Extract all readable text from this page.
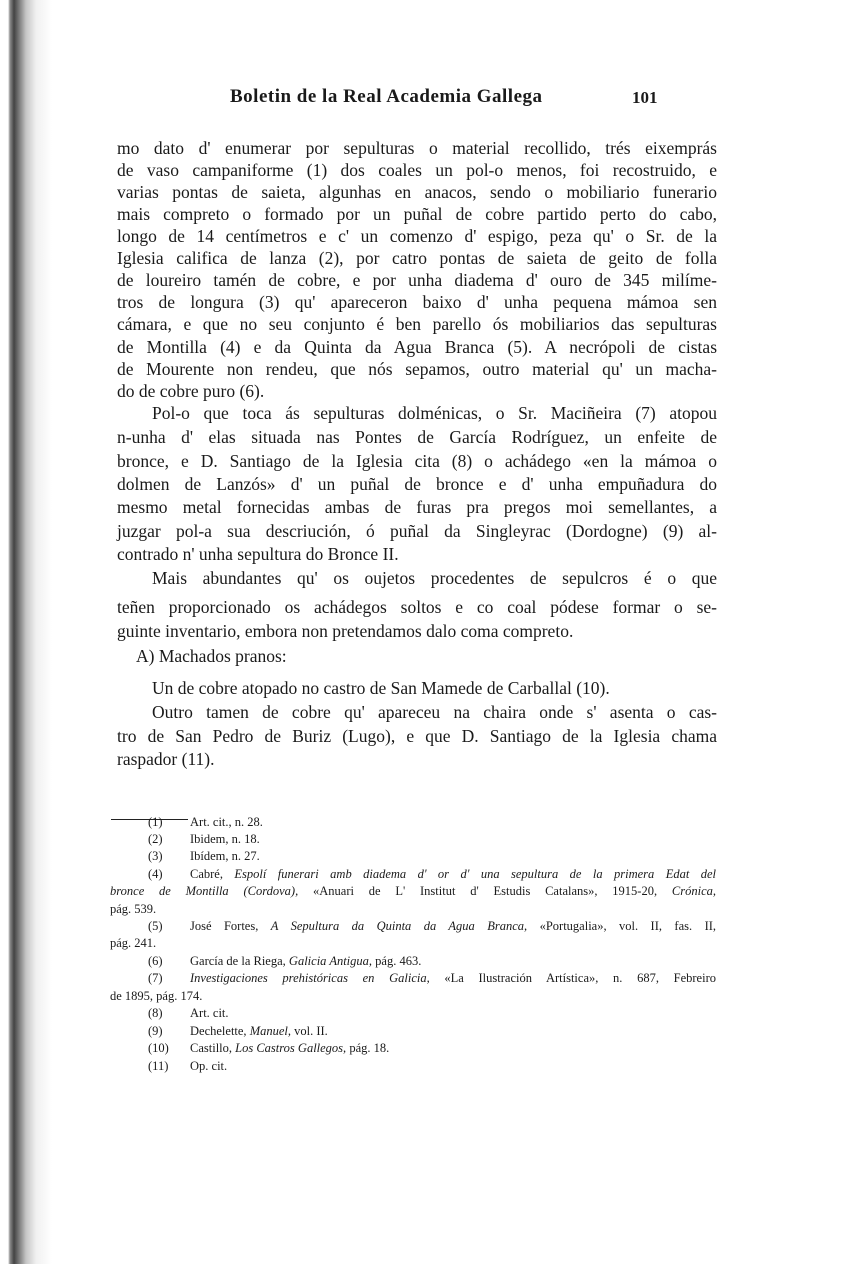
Boletin de la Real Academia Gallega	101
mo dato d' enumerar por sepulturas o material recollido, trés eixemprás
de vaso campaniforme (1) dos coales un pol-o menos, foi recostruido, e
varias pontas de saieta, algunhas en anacos, sendo o mobiliario funerario
mais compreto o formado por un puñal de cobre partido perto do cabo,
longo de 14 centímetros e c' un comenzo d' espigo, peza qu' o Sr. de la
Iglesia califica de lanza (2), por catro pontas de saieta de geito de folla
de loureiro tamén de cobre, e por unha diadema d' ouro de 345 milíme-
tros de longura (3) qu' apareceron baixo d' unha pequena mámoa sen
cámara, e que no seu conjunto é ben parello ós mobiliarios das sepulturas
de Montilla (4) e da Quinta da Agua Branca (5). A necrópoli de cistas
de Mourente non rendeu, que nós sepamos, outro material qu' un macha-
do de cobre puro (6).
Pol-o que toca ás sepulturas dolménicas, o Sr. Maciñeira (7) atopou
n-unha d' elas situada nas Pontes de García Rodríguez, un enfeite de
bronce, e D. Santiago de la Iglesia cita (8) o achádego «en la mámoa o
dolmen de Lanzós» d' un puñal de bronce e d' unha empuñadura do
mesmo metal fornecidas ambas de furas pra pregos moi semellantes, a
juzgar pol-a sua descriución, ó puñal da Singleyrac (Dordogne) (9) al-
contrado n' unha sepultura do Bronce II.
Mais abundantes qu' os oujetos procedentes de sepulcros é o que
teñen proporcionado os achádegos soltos e co coal pódese formar o se-
guinte inventario, embora non pretendamos dalo coma compreto.
A) Machados pranos:
Un de cobre atopado no castro de San Mamede de Carballal (10).
Outro tamen de cobre qu' apareceu na chaira onde s' asenta o cas-
tro de San Pedro de Buriz (Lugo), e que D. Santiago de la Iglesia chama
raspador (11).
(1) Art. cit., n. 28.
(2) Ibidem, n. 18.
(3) Ibídem, n. 27.
(4) Cabré, Espolí funerari amb diadema d' or d' una sepultura de la primera Edat del
bronce de Montilla (Cordova), «Anuari de L' Institut d' Estudis Catalans», 1915-20, Crónica,
pág. 539.
(5) José Fortes, A Sepultura da Quinta da Agua Branca, «Portugalia», vol. II, fas. II,
pág. 241.
(6) García de la Riega, Galicia Antigua, pág. 463.
(7) Investigaciones prehistóricas en Galicia, «La Ilustración Artística», n. 687, Febreiro
de 1895, pág. 174.
(8) Art. cit.
(9) Dechelette, Manuel, vol. II.
(10) Castillo, Los Castros Gallegos, pág. 18.
(11) Op. cit.
